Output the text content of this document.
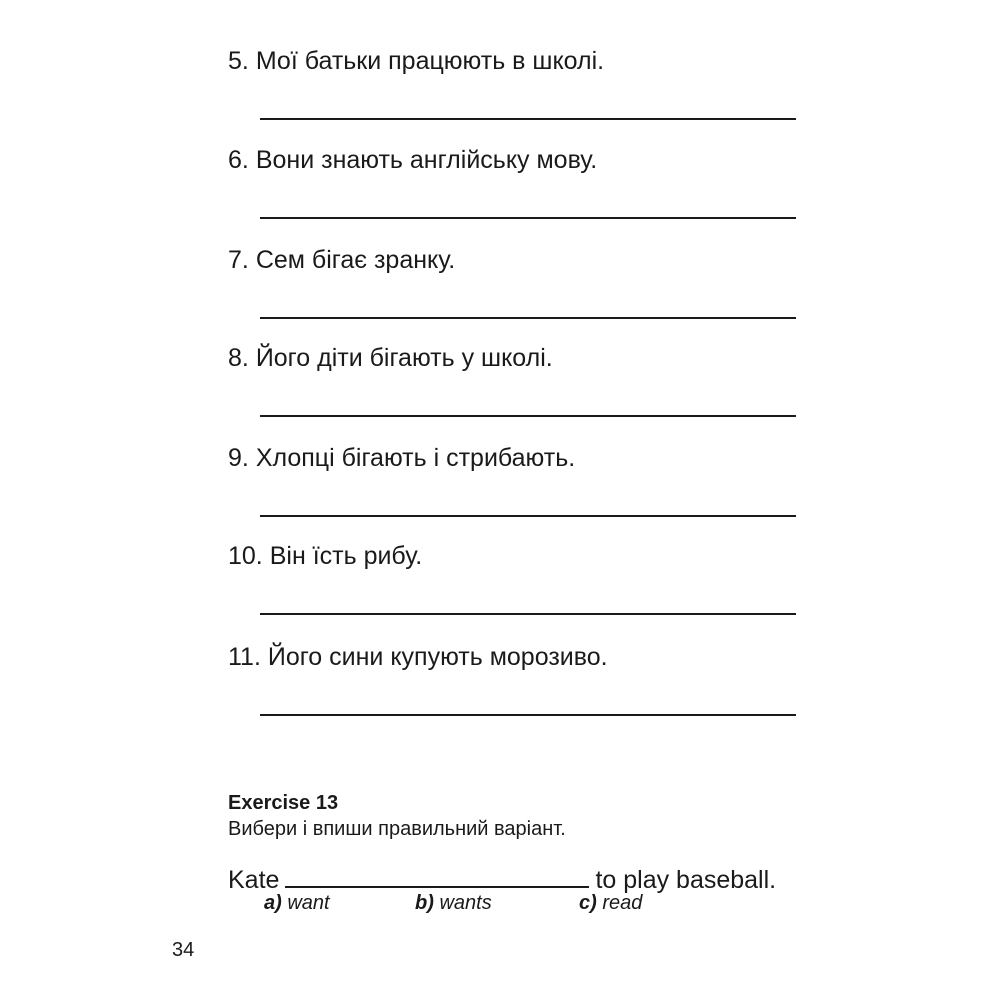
5. Мої батьки працюють в школі.
6. Вони знають англійську мову.
7. Сем бігає зранку.
8. Його діти бігають у школі.
9. Хлопці бігають і стрибають.
10. Він їсть рибу.
11. Його сини купують морозиво.
Exercise 13
Вибери і впиши правильний варіант.
Kate	to play baseball.
a) want	b) wants	c) read
34
